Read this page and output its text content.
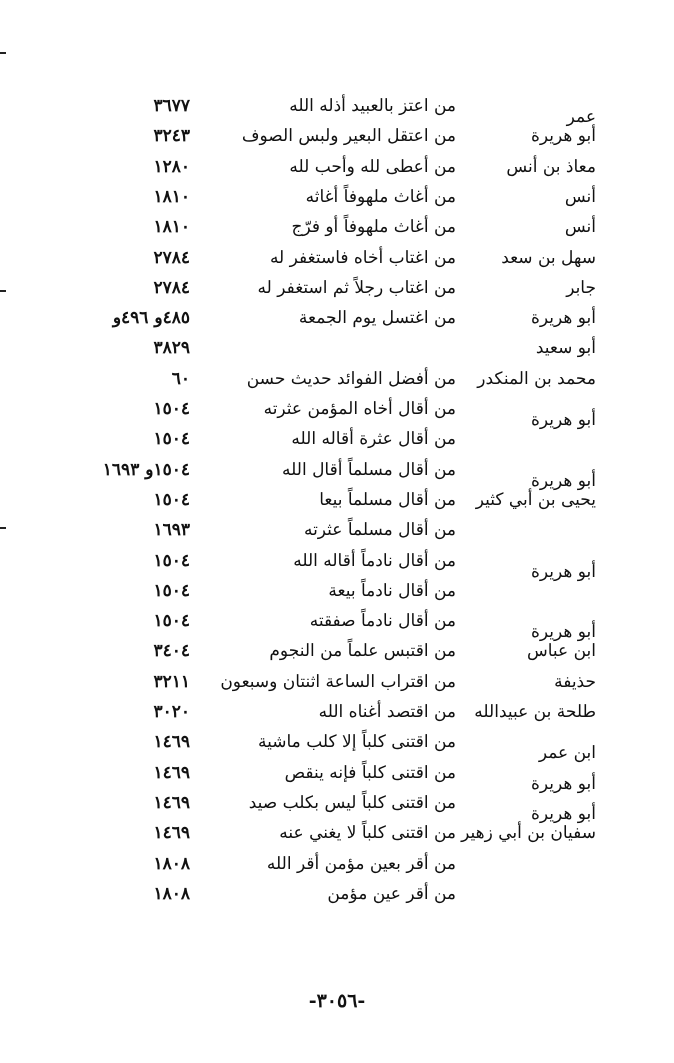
عمر
من اعتز بالعبيد أذله الله
٣٦٧٧
أبو هريرة
من اعتقل البعير ولبس الصوف
٣٢٤٣
معاذ بن أنس
من أعطى لله وأحب لله
١٢٨٠
أنس
من أغاث ملهوفاً أغاثه
١٨١٠
أنس
من أغاث ملهوفاً أو فرّج
١٨١٠
سهل بن سعد
من اغتاب أخاه فاستغفر له
٢٧٨٤
جابر
من اغتاب رجلاً ثم استغفر له
٢٧٨٤
أبو هريرة
من اغتسل يوم الجمعة
٤٨٥و ٤٩٦و
أبو سعيد
٣٨٢٩
محمد بن المنكدر
من أفضل الفوائد حديث حسن
٦٠
أبو هريرة
من أقال أخاه المؤمن عثرته
١٥٠٤
من أقال عثرة أقاله الله
١٥٠٤
أبو هريرة
من أقال مسلماً أقال الله
١٥٠٤و ١٦٩٣
يحيى بن أبي كثير
من أقال مسلماً بيعا
١٥٠٤
من أقال مسلماً عثرته
١٦٩٣
أبو هريرة
من أقال نادماً أقاله الله
١٥٠٤
من أقال نادماً بيعة
١٥٠٤
أبو هريرة
من أقال نادماً صفقته
١٥٠٤
ابن عباس
من اقتبس علماً من النجوم
٣٤٠٤
حذيفة
من اقتراب الساعة اثنتان وسبعون
٣٢١١
طلحة بن عبيدالله
من اقتصد أغناه الله
٣٠٢٠
ابن عمر
من اقتنى كلباً إلا كلب ماشية
١٤٦٩
أبو هريرة
من اقتنى كلباً فإنه ينقص
١٤٦٩
أبو هريرة
من اقتنى كلباً ليس بكلب صيد
١٤٦٩
سفيان بن أبي زهير
من اقتنى كلباً لا يغني عنه
١٤٦٩
من أقر بعين مؤمن أقر الله
١٨٠٨
من أقر عين مؤمن
١٨٠٨
-٣٠٥٦-
